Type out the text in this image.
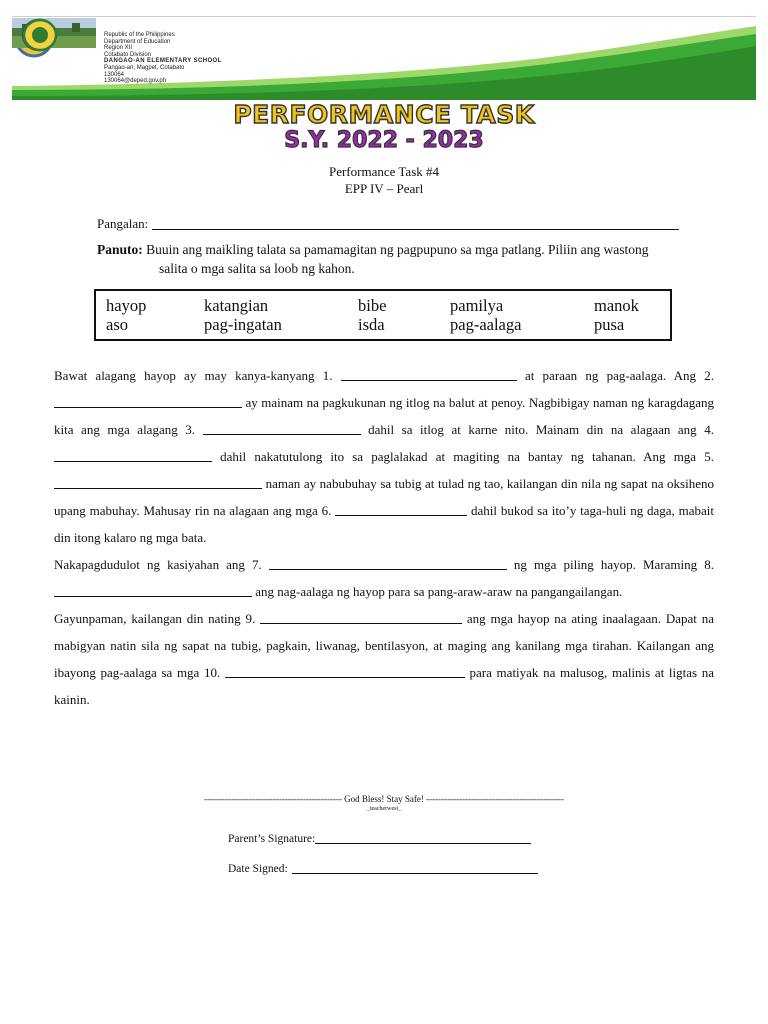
Republic of the Philippines
Department of Education
Region XII
Cotabato Division
DANGAO-AN ELEMENTARY SCHOOL
Pangao-an, Magpet, Cotabato
130064
130064@deped.gov.ph
PERFORMANCE TASK
S.Y. 2022 - 2023
Performance Task #4
EPP IV – Pearl
Pangalan:
Panuto: Buuin ang maikling talata sa pamamagitan ng pagpupuno sa mga patlang. Piliin ang wastong
salita o mga salita sa loob ng kahon.
hayop	katangian	bibe	pamilya	manok
aso	pag-ingatan	isda	pag-aalaga	pusa

Bawat alagang hayop ay may kanya-kanyang 1.	at paraan ng pag-aalaga. Ang 2.  ay mainam na pagkukunan ng itlog na balut at penoy. Nagbibigay naman ng karagdagang kita ang mga alagang 3.	dahil sa itlog at karne nito. Mainam din na alagaan ang 4.  dahil nakatutulong ito sa paglalakad at magiting na bantay ng tahanan. Ang mga 5.  naman ay nabubuhay sa tubig at tulad ng tao, kailangan din nila ng sapat na oksiheno upang mabuhay. Mahusay rin na alagaan ang mga 6.	dahil bukod sa ito’y taga-huli ng daga, mabait din itong kalaro ng mga bata.

Nakapagdudulot ng kasiyahan ang 7.	ng mga piling hayop. Maraming 8.  ang nag-aalaga ng hayop para sa pang-araw-araw na pangangailangan.

Gayunpaman, kailangan din nating 9.	ang mga hayop na ating inaalagaan. Dapat na mabigyan natin sila ng sapat na tubig, pagkain, liwanag, bentilasyon, at maging ang kanilang mga tirahan. Kailangan ang ibayong pag-aalaga sa mga 10.	para matiyak na malusog, malinis at ligtas na kainin.

---------------------------------------------- God Bless! Stay Safe! ----------------------------------------------
_teacherwest_
Parent’s Signature:
Date Signed:
